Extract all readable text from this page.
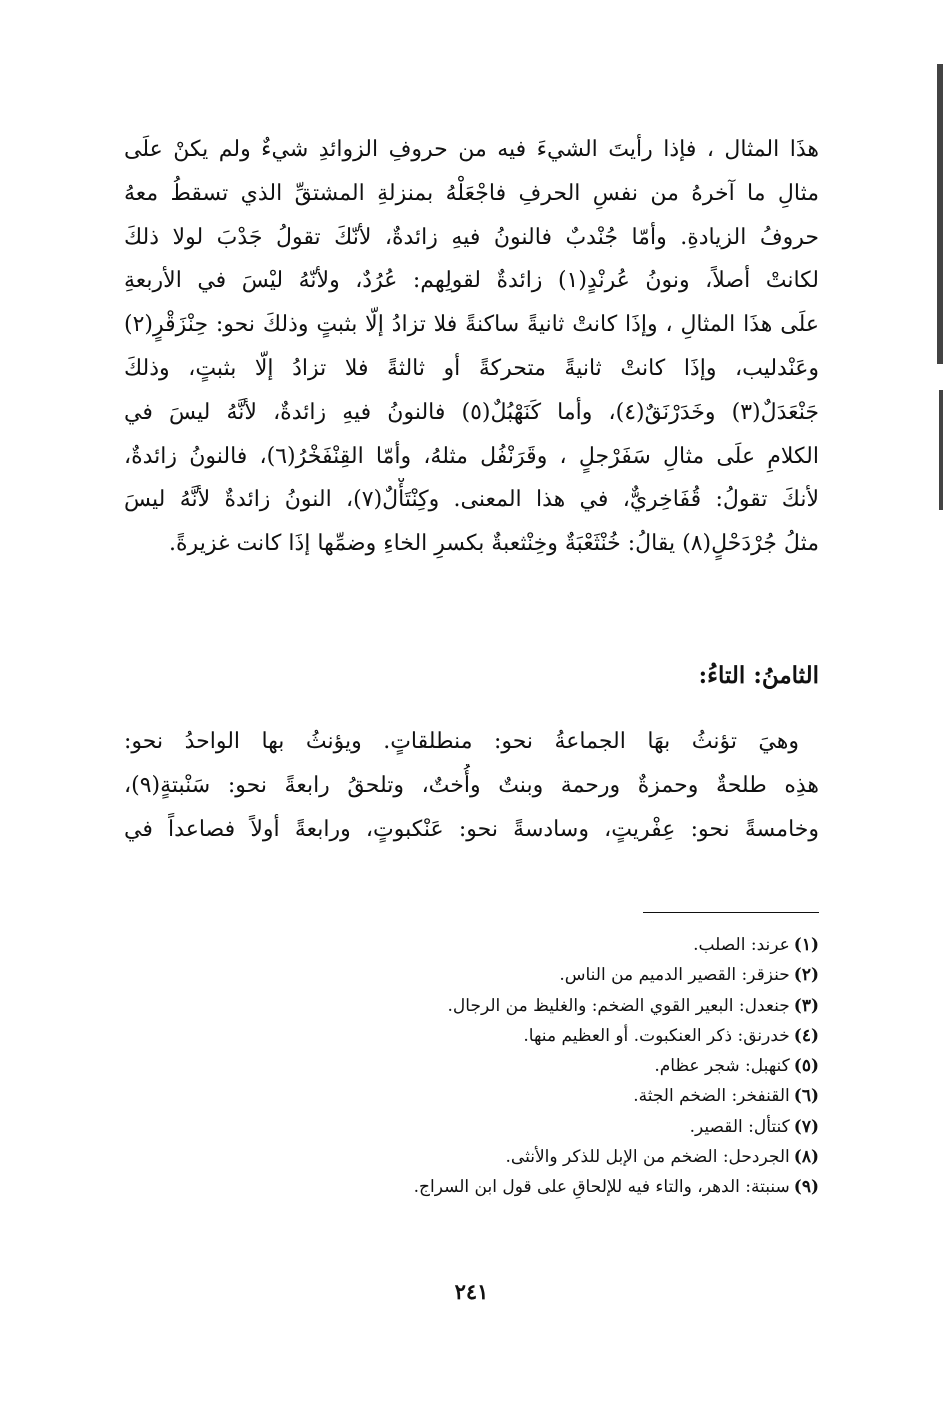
هذَا المثال ، فإذا رأيتَ الشيءَ فيه من حروفِ الزوائدِ شيءٌ ولم يكنْ علَى
مثالِ ما آخرهُ من نفسِ الحرفِ فاجْعَلْهُ بمنزلةِ المشتقِّ الذي تسقطُ معهُ
حروفُ الزيادةِ. وأمّا جُنْدبٌ فالنونُ فيهِ زائدةٌ، لأنّكَ تقولُ جَدْبَ لولا ذلكَ
لكانتْ أصلاً، ونونُ عُرنْدٍ(١) زائدةٌ لقولِهم: عُرُدٌ، ولأنّهُ ليْسَ في الأربعةِ
علَى هذَا المثالِ ، وإذَا كانتْ ثانيةً ساكنةً فلا تزادُ إلّا بثبتٍ وذلكَ نحو: حِنْزَقْرٍ(٢)
وعَنْدليب، وإذَا كانتْ ثانيةً متحركةً أو ثالثةً فلا تزادُ إلّا بثبتٍ، وذلكَ
جَنْعَدَلٌ(٣) وخَدَرْنَقٌ(٤)، وأما كَنَهْبُلٌ(٥) فالنونُ فيهِ زائدةٌ، لأنَّهُ ليسَ في
الكلامِ علَى مثالِ سَفَرْجلٍ ، وقَرَنْفُل مثلهُ، وأمّا القِنْفَخْرُ(٦)، فالنونُ زائدةٌ،
لأنكَ تقولُ: قُفَاخِريٌّ، في هذا المعنى. وكِنْتَأْلٌ(٧)، النونُ زائدةٌ لأنَّهُ ليسَ
مثلُ جُرْدَحْلٍ(٨) يقالُ: خُنْثَعْبَةٌ وخِنْثعبةٌ بكسرِ الخاءِ وضمِّها إذَا كانت غزيرةً.
الثامنُ: التاءُ:
وهيَ تؤنثُ بهَا الجماعةُ نحو: منطلقاتٍ. ويؤنثُ بها الواحدُ نحو:
هذِه طلحةٌ وحمزةٌ ورحمة وبنتٌ وأُختٌ، وتلحقُ رابعةً نحو: سَنْبتةٍ(٩)،
وخامسةً نحو: عِفْريتٍ، وسادسةً نحو: عَنْكبوتٍ، ورابعةً أولاً فصاعداً في
(١)عرند: الصلب.
(٢)حنزقر: القصير الدميم من الناس.
(٣)جنعدل: البعير القوي الضخم: والغليظ من الرجال.
(٤)خدرنق: ذكر العنكبوت. أو العظيم منها.
(٥)كنهبل: شجر عظام.
(٦)القنفخر: الضخم الجثة.
(٧)كنتأل: القصير.
(٨)الجردحل: الضخم من الإبل للذكر والأنثى.
(٩)سنبتة: الدهر، والتاء فيه للإلحاقِ على قول ابن السراج.
٢٤١
